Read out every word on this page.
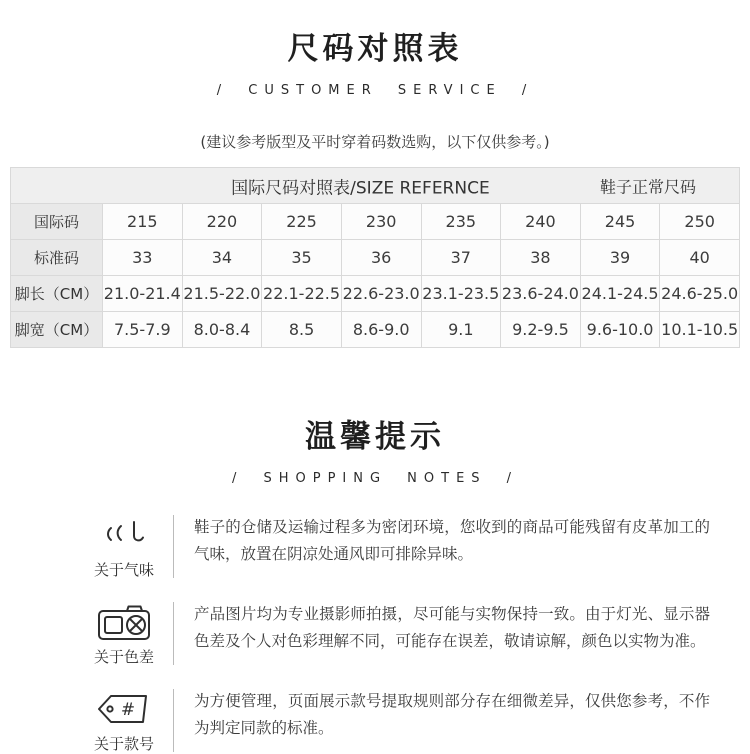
尺码对照表
/ CUSTOMER SERVICE /
(建议参考版型及平时穿着码数选购，以下仅供参考。)
国际尺码对照表/SIZE REFERNCE 鞋子正常尺码								

国际码	215	220	225	230	235	240	245	250
标准码	33	34	35	36	37	38	39	40
脚长（CM）	21.0-21.4	21.5-22.0	22.1-22.5	22.6-23.0	23.1-23.5	23.6-24.0	24.1-24.5	24.6-25.0
脚宽（CM）	7.5-7.9	8.0-8.4	8.5	8.6-9.0	9.1	9.2-9.5	9.6-10.0	10.1-10.5
温馨提示
/ SHOPPING NOTES /
关于气味
鞋子的仓储及运输过程多为密闭环境，您收到的商品可能残留有皮革加工的气味，放置在阴凉处通风即可排除异味。
关于色差
产品图片均为专业摄影师拍摄，尽可能与实物保持一致。由于灯光、显示器色差及个人对色彩理解不同，可能存在误差，敬请谅解，颜色以实物为准。
#
关于款号
为方便管理，页面展示款号提取规则部分存在细微差异，仅供您参考，不作为判定同款的标准。
